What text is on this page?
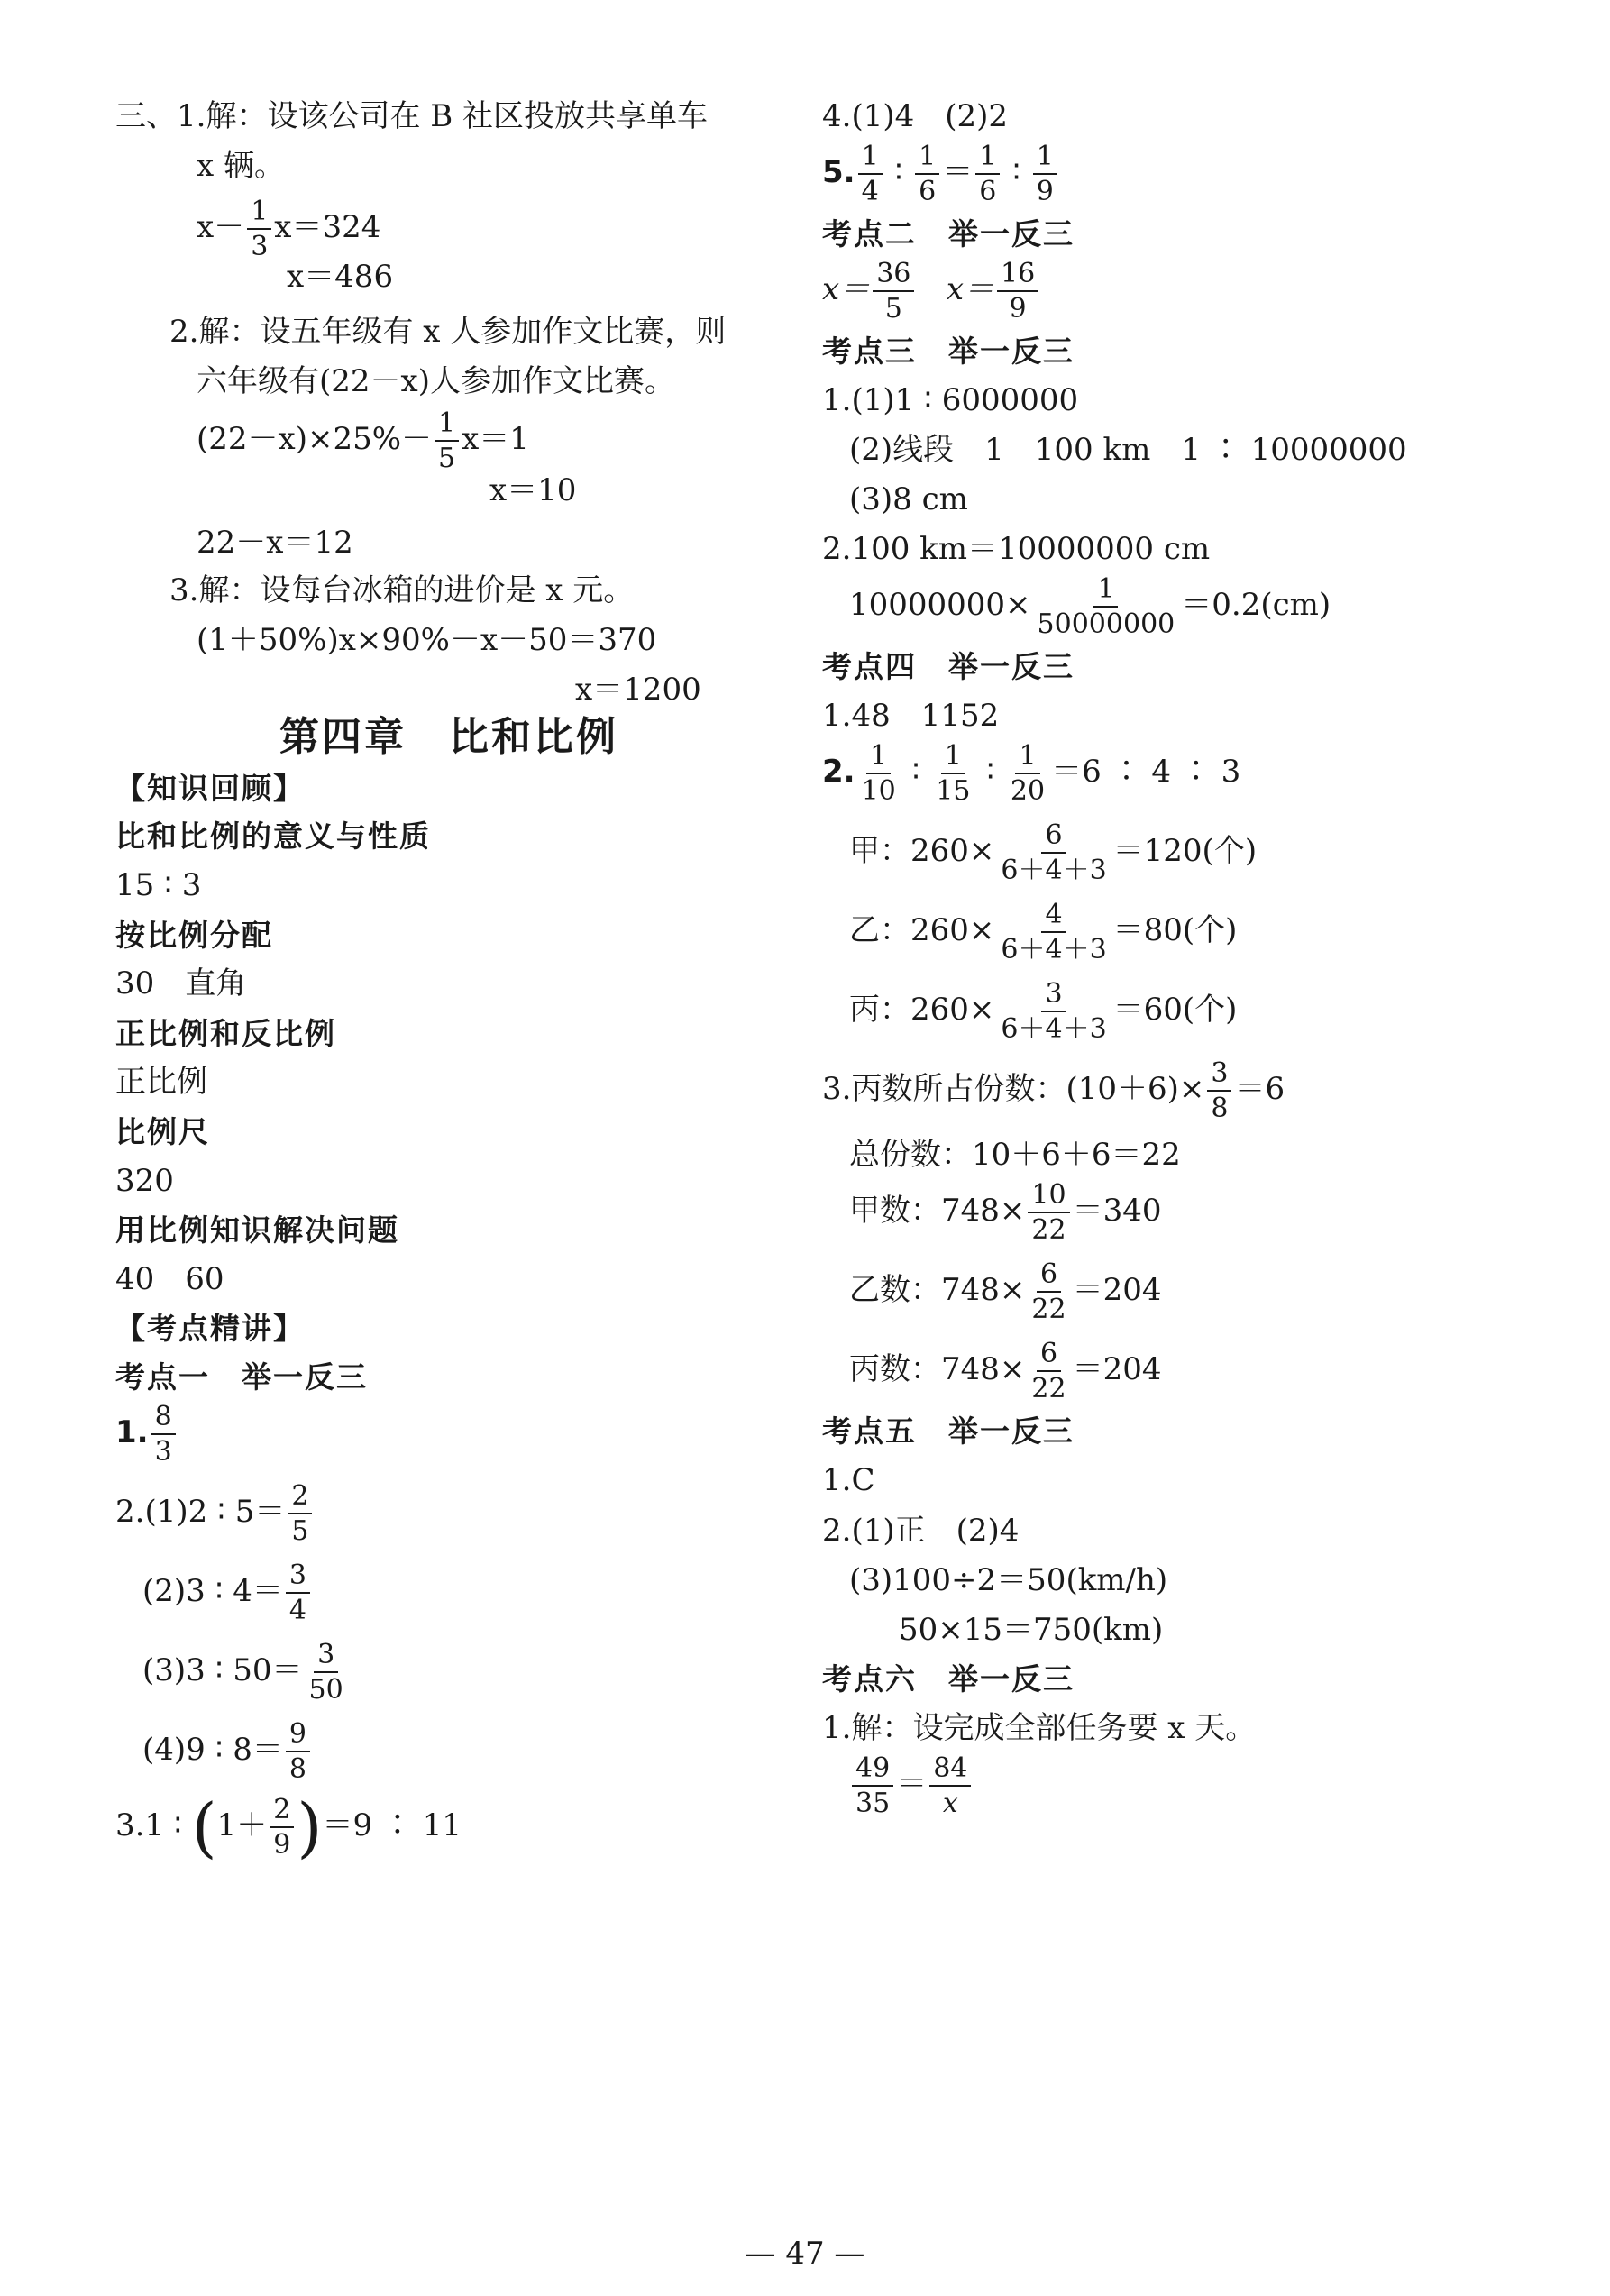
三、1.解：设该公司在 B 社区投放共享单车
x 辆。
$x- \frac{1}{3} x=324$
x＝486
2.解：设五年级有 x 人参加作文比赛，则
六年级有(22－x)人参加作文比赛。
$(22-x)\times 25\%- \frac{1}{5} x=1$
x＝10
22－x＝12
3.解：设每台冰箱的进价是 x 元。
(1＋50%)x×90%－x－50＝370
x＝1200
第四章　比和比例
【知识回顾】
比和比例的意义与性质
15 ∶ 3
按比例分配
30　直角
正比例和反比例
正比例
比例尺
320
用比例知识解决问题
40　60
【考点精讲】
考点一　举一反三
1. $\frac{8}{3}$
2.(1)2 ∶ $5= \frac{2}{5}$
(2)3 ∶ $4= \frac{3}{4}$
(3)3 ∶ $50= \frac{3}{50}$
(4)9 ∶ $8= \frac{9}{8}$
3.1 ∶ $(1+ \frac{2}{9} )=9$ ∶ 11
4.(1)4　(2)2
5. $\frac{1}{4}$ ∶ $\frac{1}{6} = \frac{1}{6}$ ∶ $\frac{1}{9}$
考点二　举一反三
$x= \frac{36}{5} x= \frac{16}{9}$
考点三　举一反三
1.(1)1 ∶ 6000000
(2)线段　1　100 km　1 ∶ 10000000
(3)8 cm
2.100 km＝10000000 cm
$10000000\times \frac{1}{50000000} =0.2(cm)$
考点四　举一反三
1.48　1152
2. $\frac{1}{10}$ ∶ $\frac{1}{15}$ ∶ $\frac{1}{20} =6$ ∶ 4 ∶ 3
甲：$260\times \frac{6}{6+4+3} =120$(个)
乙：$260\times \frac{4}{6+4+3} =80$(个)
丙：$260\times \frac{3}{6+4+3} =60$(个)
3.丙数所占份数：$(10+6)\times \frac{3}{8} =6$
总份数：10＋6＋6＝22
甲数：$748\times \frac{10}{22} =340$
乙数：$748\times \frac{6}{22} =204$
丙数：$748\times \frac{6}{22} =204$
考点五　举一反三
1.C
2.(1)正　(2)4
(3)100÷2＝50(km/h)
50×15＝750(km)
考点六　举一反三
1.解：设完成全部任务要 x 天。
$\frac{49}{35} = \frac{84}{x}$
— 47 —
